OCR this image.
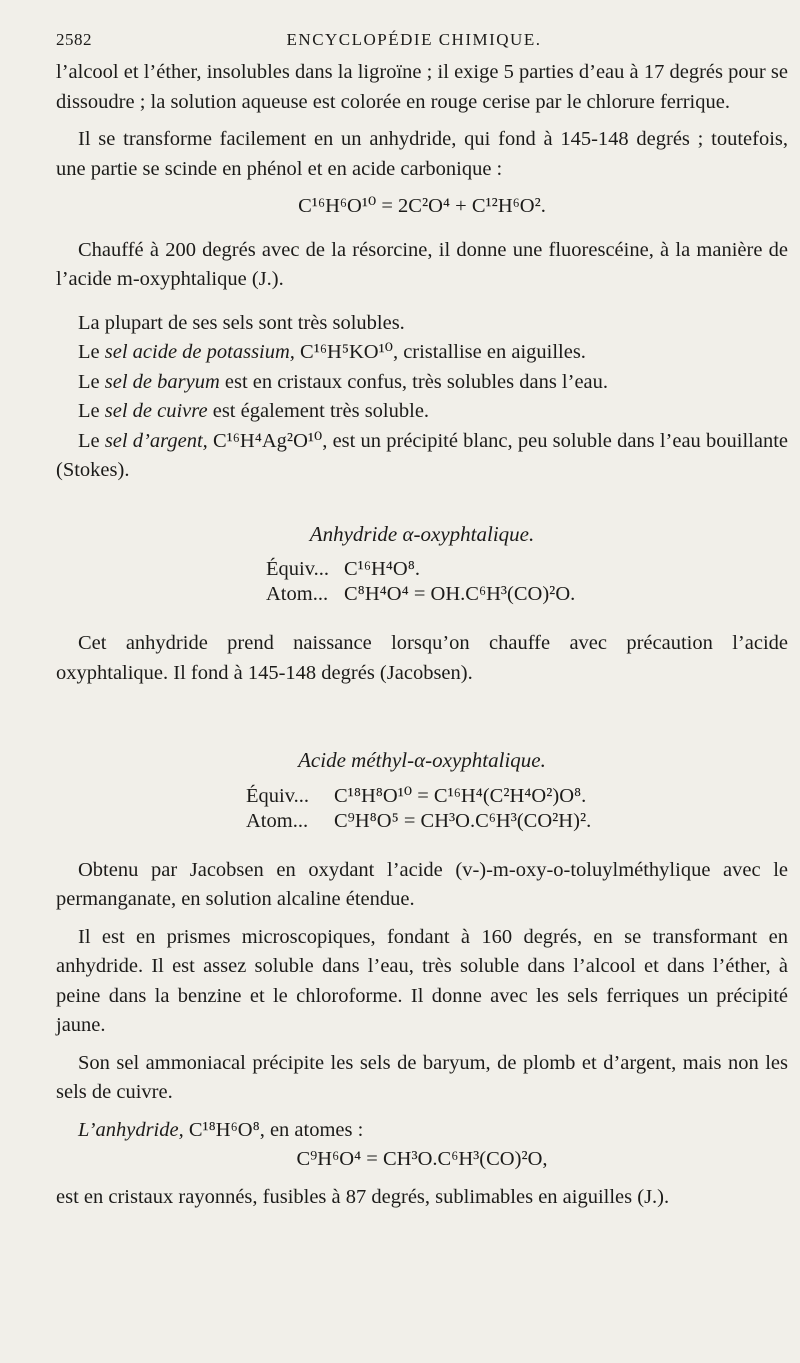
2582	ENCYCLOPÉDIE CHIMIQUE.

l’alcool et l’éther, insolubles dans la ligroïne ; il exige 5 parties d’eau à 17 degrés pour se dissoudre ; la solution aqueuse est colorée en rouge cerise par le chlorure ferrique.

Il se transforme facilement en un anhydride, qui fond à 145-148 degrés ; toutefois, une partie se scinde en phénol et en acide carbonique :

C¹⁶H⁶O¹⁰ = 2C²O⁴ + C¹²H⁶O².

Chauffé à 200 degrés avec de la résorcine, il donne une fluorescéine, à la manière de l’acide m-oxyphtalique (J.).

La plupart de ses sels sont très solubles.

Le sel acide de potassium, C¹⁶H⁵KO¹⁰, cristallise en aiguilles.

Le sel de baryum est en cristaux confus, très solubles dans l’eau.

Le sel de cuivre est également très soluble.

Le sel d’argent, C¹⁶H⁴Ag²O¹⁰, est un précipité blanc, peu soluble dans l’eau bouillante (Stokes).

Anhydride α-oxyphtalique.

Équiv... C¹⁶H⁴O⁸.
Atom... C⁸H⁴O⁴ = OH.C⁶H³(CO)²O.

Cet anhydride prend naissance lorsqu’on chauffe avec précaution l’acide oxyphtalique. Il fond à 145-148 degrés (Jacobsen).

Acide méthyl-α-oxyphtalique.

Équiv... C¹⁸H⁸O¹⁰ = C¹⁶H⁴(C²H⁴O²)O⁸.
Atom... C⁹H⁸O⁵ = CH³O.C⁶H³(CO²H)².

Obtenu par Jacobsen en oxydant l’acide (v-)-m-oxy-o-toluylméthylique avec le permanganate, en solution alcaline étendue.

Il est en prismes microscopiques, fondant à 160 degrés, en se transformant en anhydride. Il est assez soluble dans l’eau, très soluble dans l’alcool et dans l’éther, à peine dans la benzine et le chloroforme. Il donne avec les sels ferriques un précipité jaune.

Son sel ammoniacal précipite les sels de baryum, de plomb et d’argent, mais non les sels de cuivre.

L’anhydride, C¹⁸H⁶O⁸, en atomes :

C⁹H⁶O⁴ = CH³O.C⁶H³(CO)²O,

est en cristaux rayonnés, fusibles à 87 degrés, sublimables en aiguilles (J.).
